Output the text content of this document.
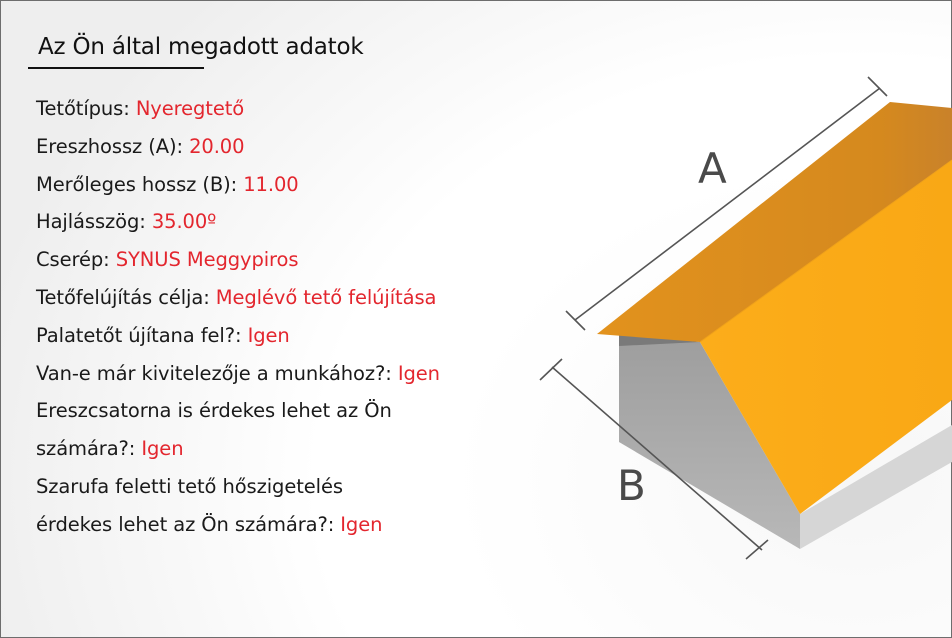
Az Ön által megadott adatok
Tetőtípus: Nyeregtető
Ereszhossz (A): 20.00
Merőleges hossz (B): 11.00
Hajlásszög: 35.00º
Cserép: SYNUS Meggypiros
Tetőfelújítás célja: Meglévő tető felújítása
Palatetőt újítana fel?: Igen
Van-e már kivitelezője a munkához?: Igen
Ereszcsatorna is érdekes lehet az Ön
számára?: Igen
Szarufa feletti tető hőszigetelés
érdekes lehet az Ön számára?: Igen
A
B
